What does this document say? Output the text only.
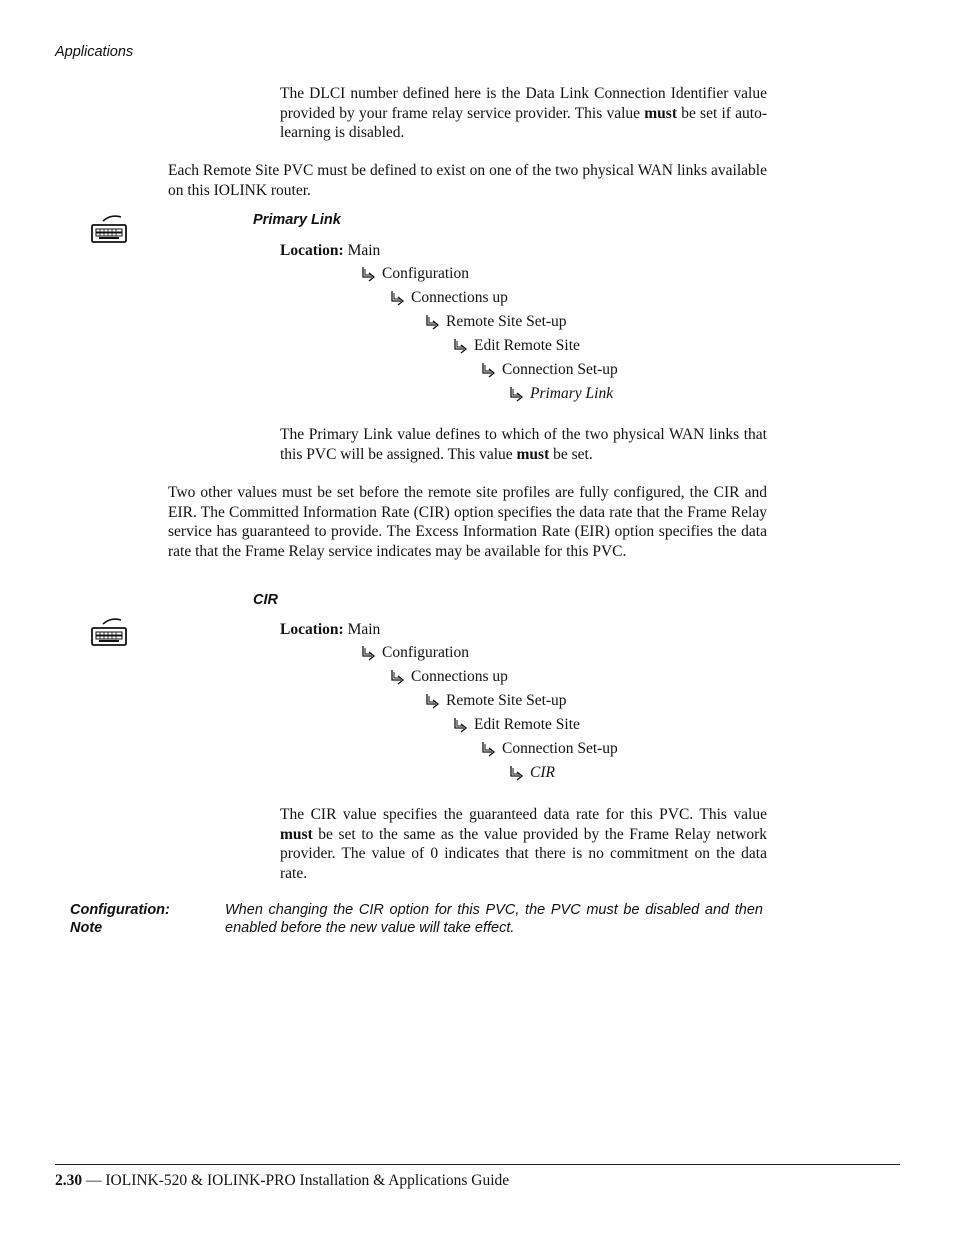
Applications

The DLCI number defined here is the Data Link Connection Identifier value provided by your frame relay service provider. This value must be set if auto-learning is disabled.

Each Remote Site PVC must be defined to exist on one of the two physical WAN links available on this IOLINK router.

Primary Link
Location: Main
Configuration
Connections up
Remote Site Set-up
Edit Remote Site
Connection Set-up
Primary Link

The Primary Link value defines to which of the two physical WAN links that this PVC will be assigned. This value must be set.

Two other values must be set before the remote site profiles are fully configured, the CIR and EIR. The Committed Information Rate (CIR) option specifies the data rate that the Frame Relay service has guaranteed to provide. The Excess Information Rate (EIR) option specifies the data rate that the Frame Relay service indicates may be available for this PVC.

CIR
Location: Main
Configuration
Connections up
Remote Site Set-up
Edit Remote Site
Connection Set-up
CIR

The CIR value specifies the guaranteed data rate for this PVC. This value must be set to the same as the value provided by the Frame Relay network provider. The value of 0 indicates that there is no commitment on the data rate.

Configuration:
Note

When changing the CIR option for this PVC, the PVC must be disabled and then enabled before the new value will take effect.

2.30 — IOLINK-520 & IOLINK-PRO Installation & Applications Guide
